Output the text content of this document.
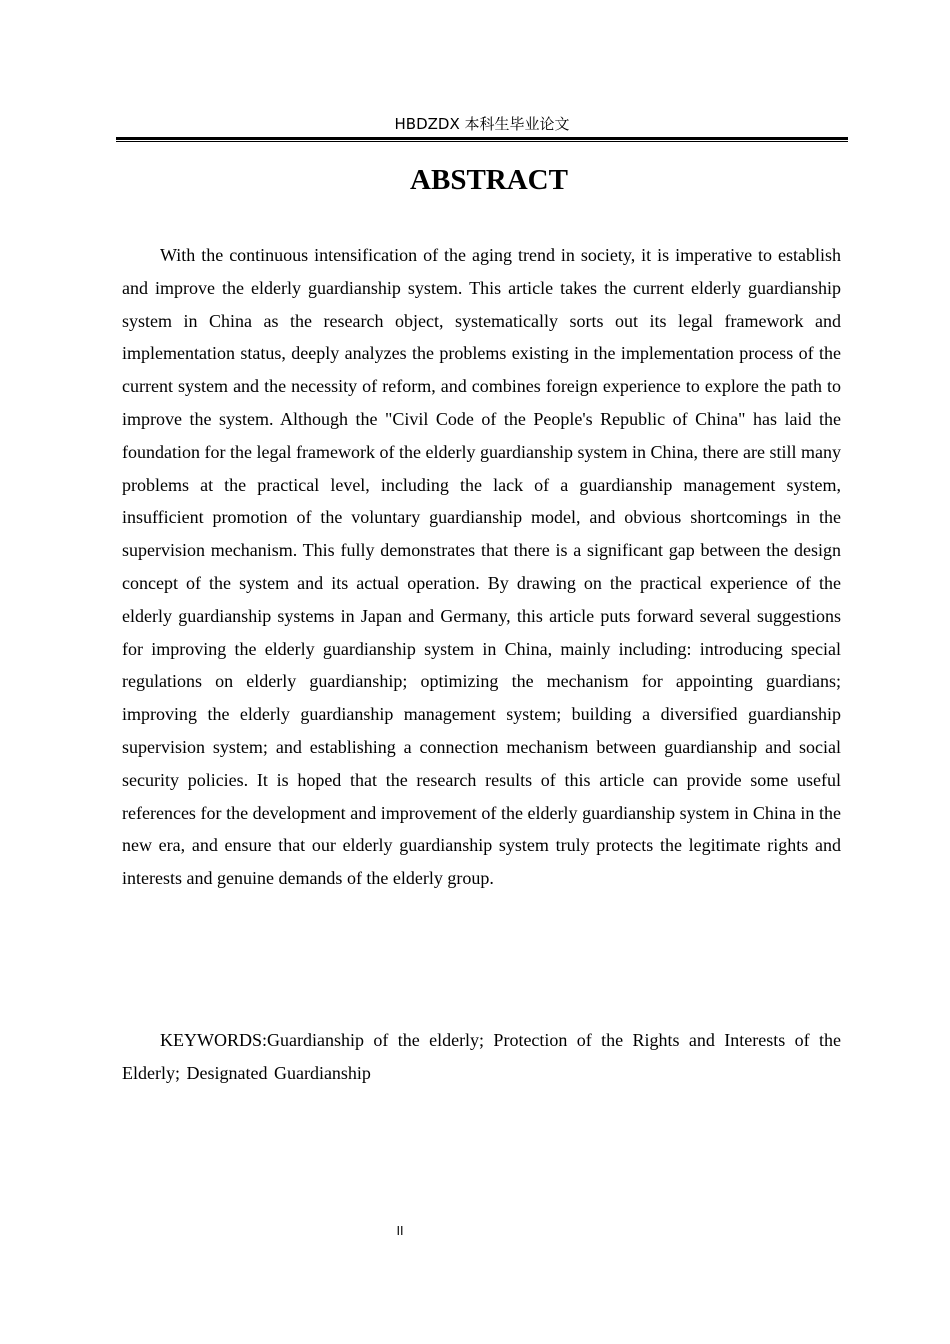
HBDZDX 本科生毕业论文
ABSTRACT

With the continuous intensification of the aging trend in society, it is imperative to establish and improve the elderly guardianship system. This article takes the current elderly guardianship system in China as the research object, systematically sorts out its legal framework and implementation status, deeply analyzes the problems existing in the implementation process of the current system and the necessity of reform, and combines foreign experience to explore the path to improve the system. Although the "Civil Code of the People's Republic of China" has laid the foundation for the legal framework of the elderly guardianship system in China, there are still many problems at the practical level, including the lack of a guardianship management system, insufficient promotion of the voluntary guardianship model, and obvious shortcomings in the supervision mechanism. This fully demonstrates that there is a significant gap between the design concept of the system and its actual operation. By drawing on the practical experience of the elderly guardianship systems in Japan and Germany, this article puts forward several suggestions for improving the elderly guardianship system in China, mainly including: introducing special regulations on elderly guardianship; optimizing the mechanism for appointing guardians; improving the elderly guardianship management system; building a diversified guardianship supervision system; and establishing a connection mechanism between guardianship and social security policies. It is hoped that the research results of this article can provide some useful references for the development and improvement of the elderly guardianship system in China in the new era, and ensure that our elderly guardianship system truly protects the legitimate rights and interests and genuine demands of the elderly group.

KEYWORDS:Guardianship of the elderly; Protection of the Rights and Interests of the Elderly; Designated Guardianship

II
